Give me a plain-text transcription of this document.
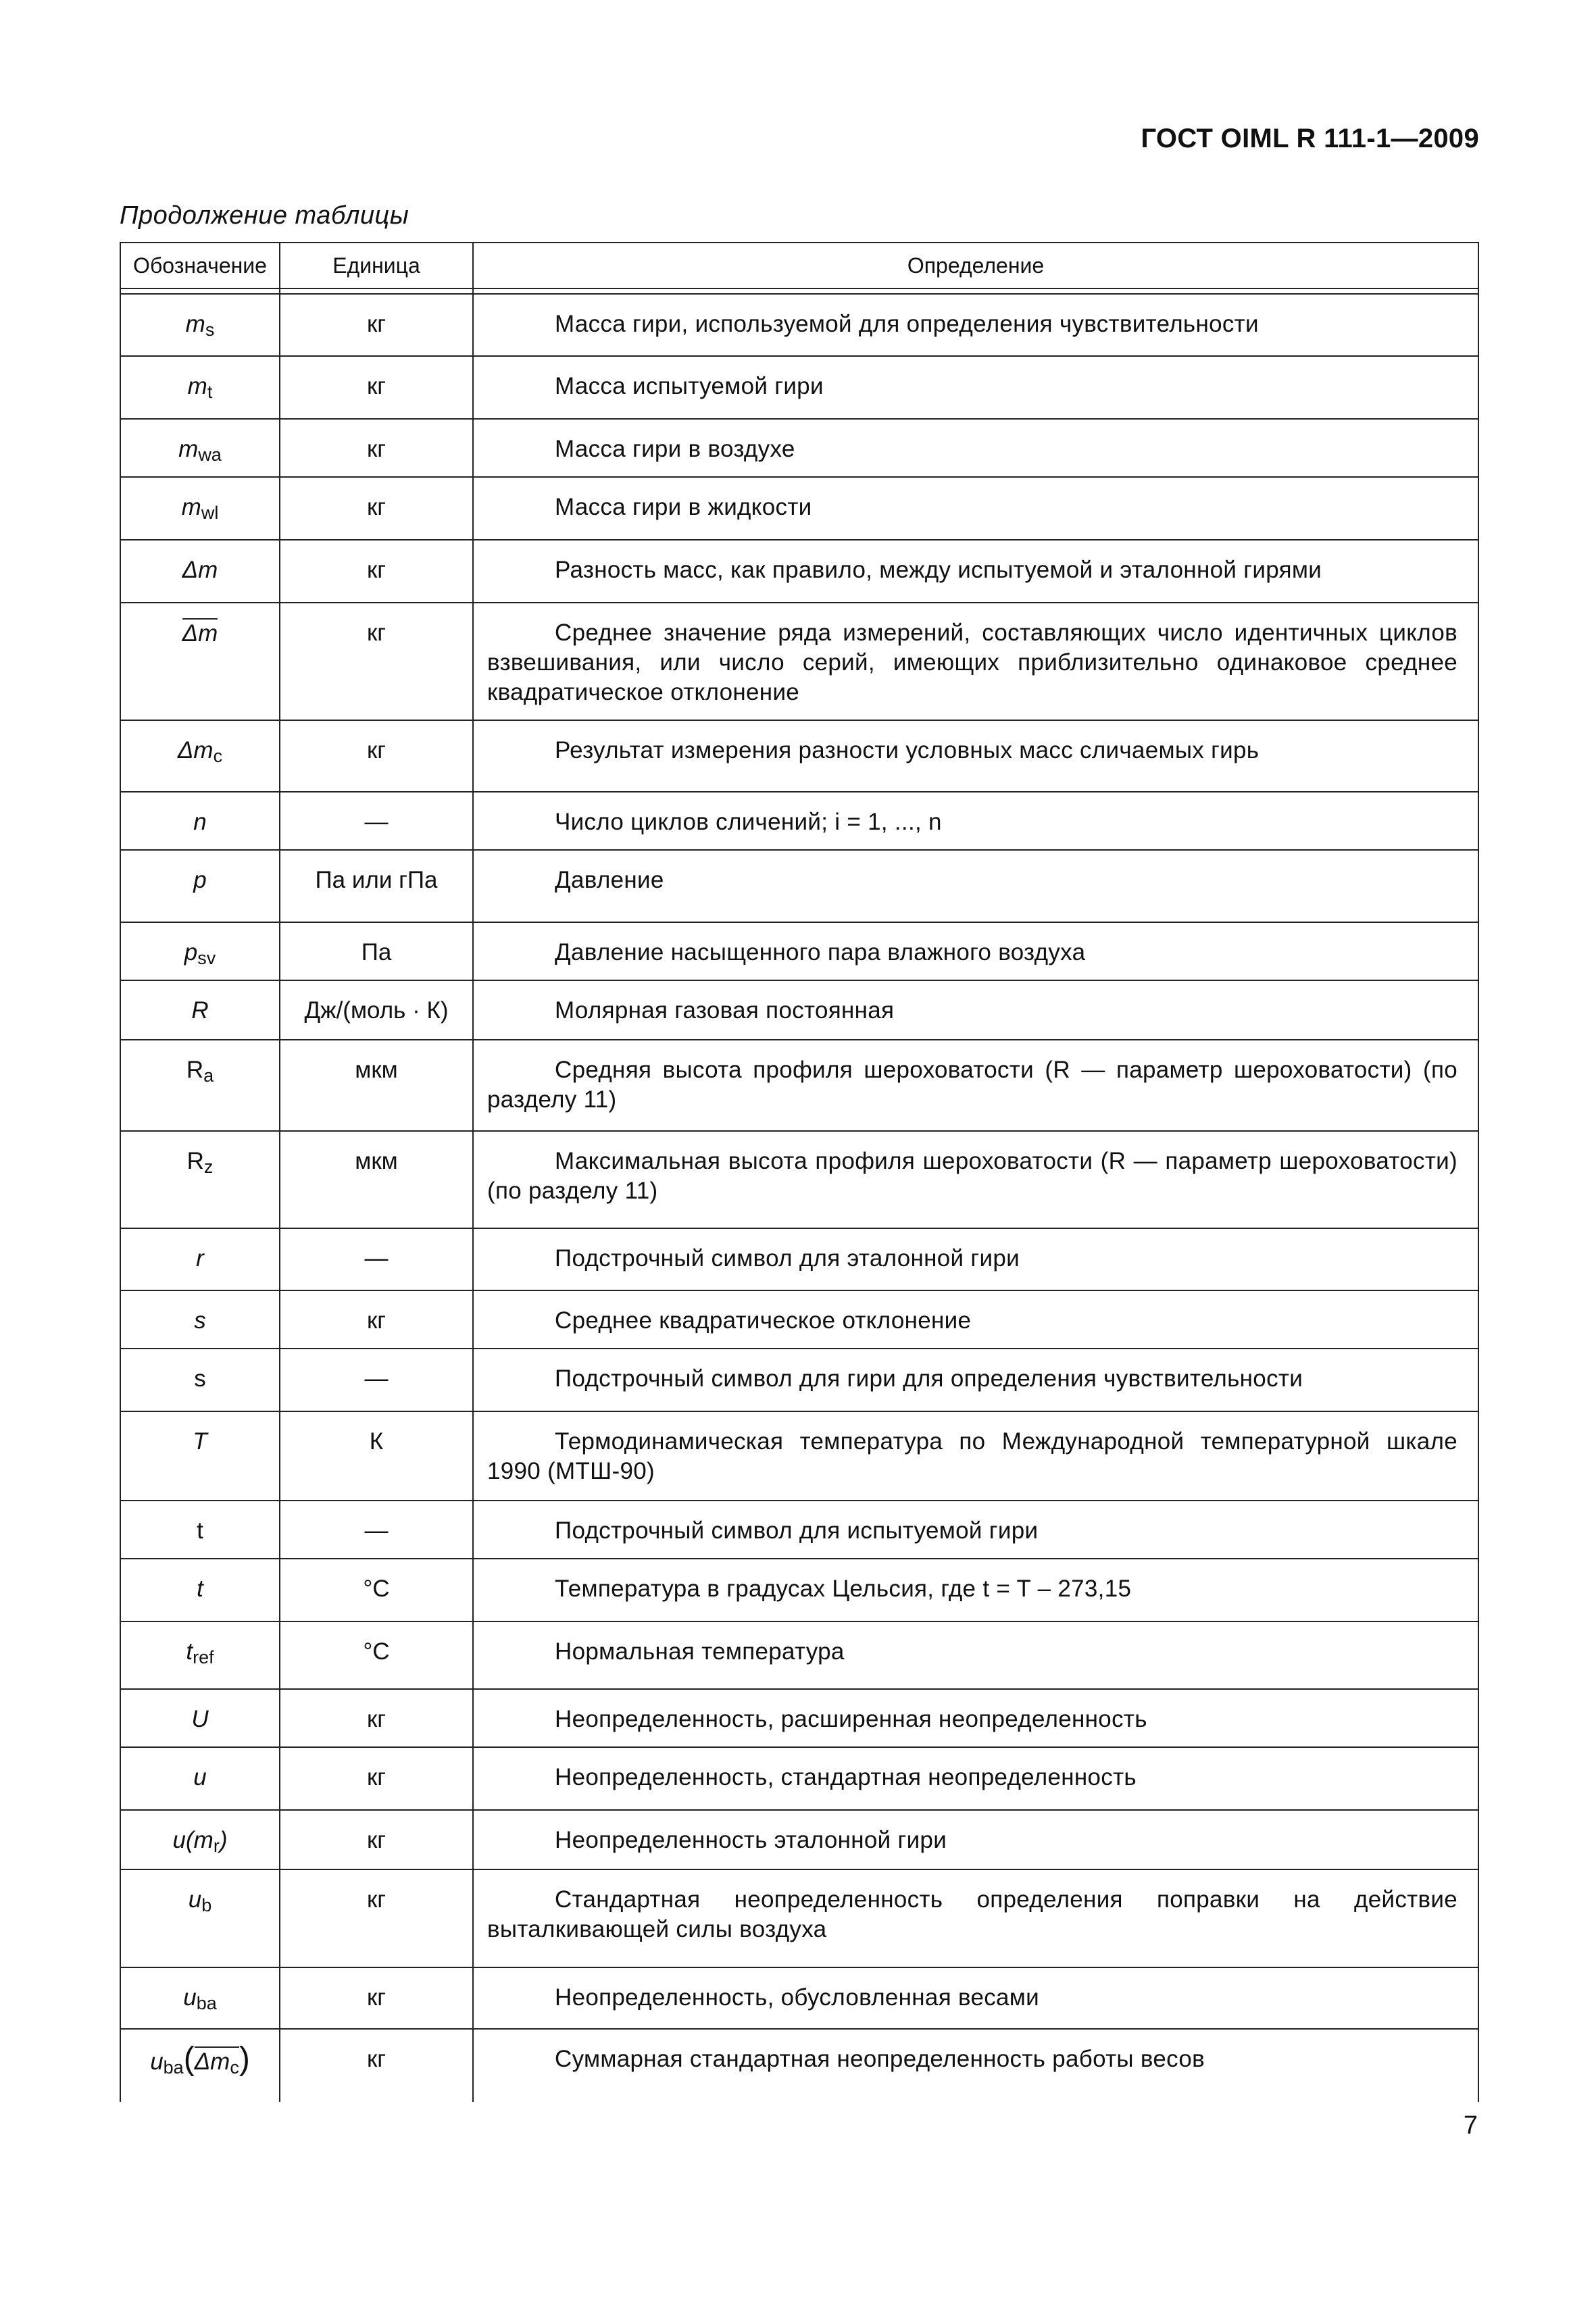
ГОСТ OIML R 111-1—2009
Продолжение таблицы
Обозначение	Единица	Определение

$m_s$	кг	Масса гири, используемой для определения чувствительности
$m_t$	кг	Масса испытуемой гири
$m_{wa}$	кг	Масса гири в воздухе
$m_{wl}$	кг	Масса гири в жидкости
Δm	кг	Разность масс, как правило, между испытуемой и эталонной гирями
Δm	кг	Среднее значение ряда измерений, составляющих число идентичных циклов взвешивания, или число серий, имеющих приблизительно одинаковое среднее квадратическое отклонение
$\Delta m_c$	кг	Результат измерения разности условных масс сличаемых гирь
n	—	Число циклов сличений; i = 1, ..., n
p	Па или гПа	Давление
$p_{sv}$	Па	Давление насыщенного пара влажного воздуха
R	Дж/(моль · К)	Молярная газовая постоянная
$R_a$	мкм	Средняя высота профиля шероховатости (R — параметр шероховатости) (по разделу 11)
$R_z$	мкм	Максимальная высота профиля шероховатости (R — параметр шероховатости) (по разделу 11)
r	—	Подстрочный символ для эталонной гири
s	кг	Среднее квадратическое отклонение
s	—	Подстрочный символ для гири для определения чувствительности
T	К	Термодинамическая температура по Международной температурной шкале 1990 (МТШ-90)
t	—	Подстрочный символ для испытуемой гири
t	°С	Температура в градусах Цельсия, где t = T – 273,15
$t_{ref}$	°С	Нормальная температура
U	кг	Неопределенность, расширенная неопределенность
u	кг	Неопределенность, стандартная неопределенность
$u(m_r)$	кг	Неопределенность эталонной гири
$u_b$	кг	Стандартная неопределенность определения поправки на действие выталкивающей силы воздуха
$u_{ba}$	кг	Неопределенность, обусловленная весами
$u_{ba}(\Delta m_c)$	кг	Суммарная стандартная неопределенность работы весов
7
